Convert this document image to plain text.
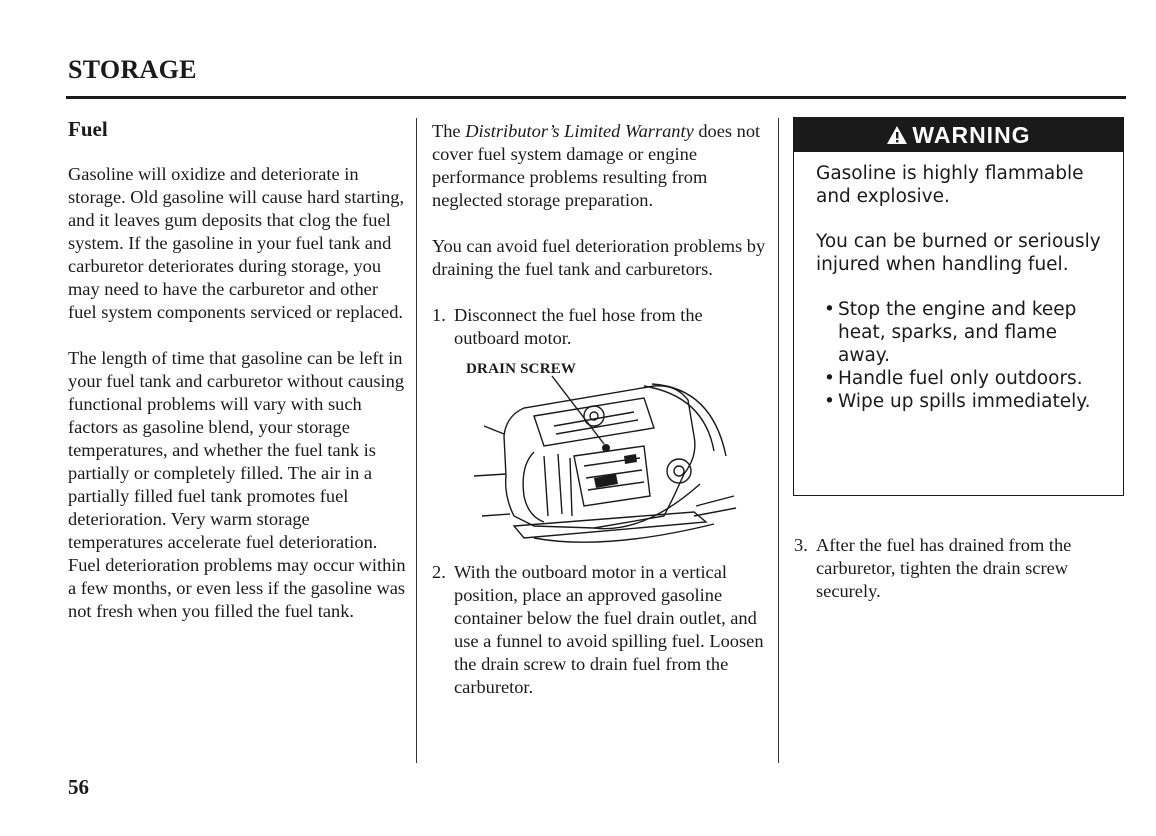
STORAGE

Fuel

Gasoline will oxidize and deteriorate in storage. Old gasoline will cause hard starting, and it leaves gum deposits that clog the fuel system. If the gasoline in your fuel tank and carburetor deteriorates during storage, you may need to have the carburetor and other fuel system components serviced or replaced.

The length of time that gasoline can be left in your fuel tank and carburetor without causing functional problems will vary with such factors as gasoline blend, your storage temperatures, and whether the fuel tank is partially or completely filled. The air in a partially filled fuel tank promotes fuel deterioration. Very warm storage temperatures accelerate fuel deterioration. Fuel deterioration problems may occur within a few months, or even less if the gasoline was not fresh when you filled the fuel tank.

The Distributor’s Limited Warranty does not cover fuel system damage or engine performance problems resulting from neglected storage preparation.

You can avoid fuel deterioration problems by draining the fuel tank and carburetors.

1. Disconnect the fuel hose from the outboard motor.
DRAIN SCREW
2. With the outboard motor in a vertical position, place an approved gasoline container below the fuel drain outlet, and use a funnel to avoid spilling fuel. Loosen the drain screw to drain fuel from the carburetor.
WARNING

Gasoline is highly flammable and explosive.

You can be burned or seriously injured when handling fuel.

• Stop the engine and keep heat, sparks, and flame away.
• Handle fuel only outdoors.
• Wipe up spills immediately.
3. After the fuel has drained from the carburetor, tighten the drain screw securely.
56
